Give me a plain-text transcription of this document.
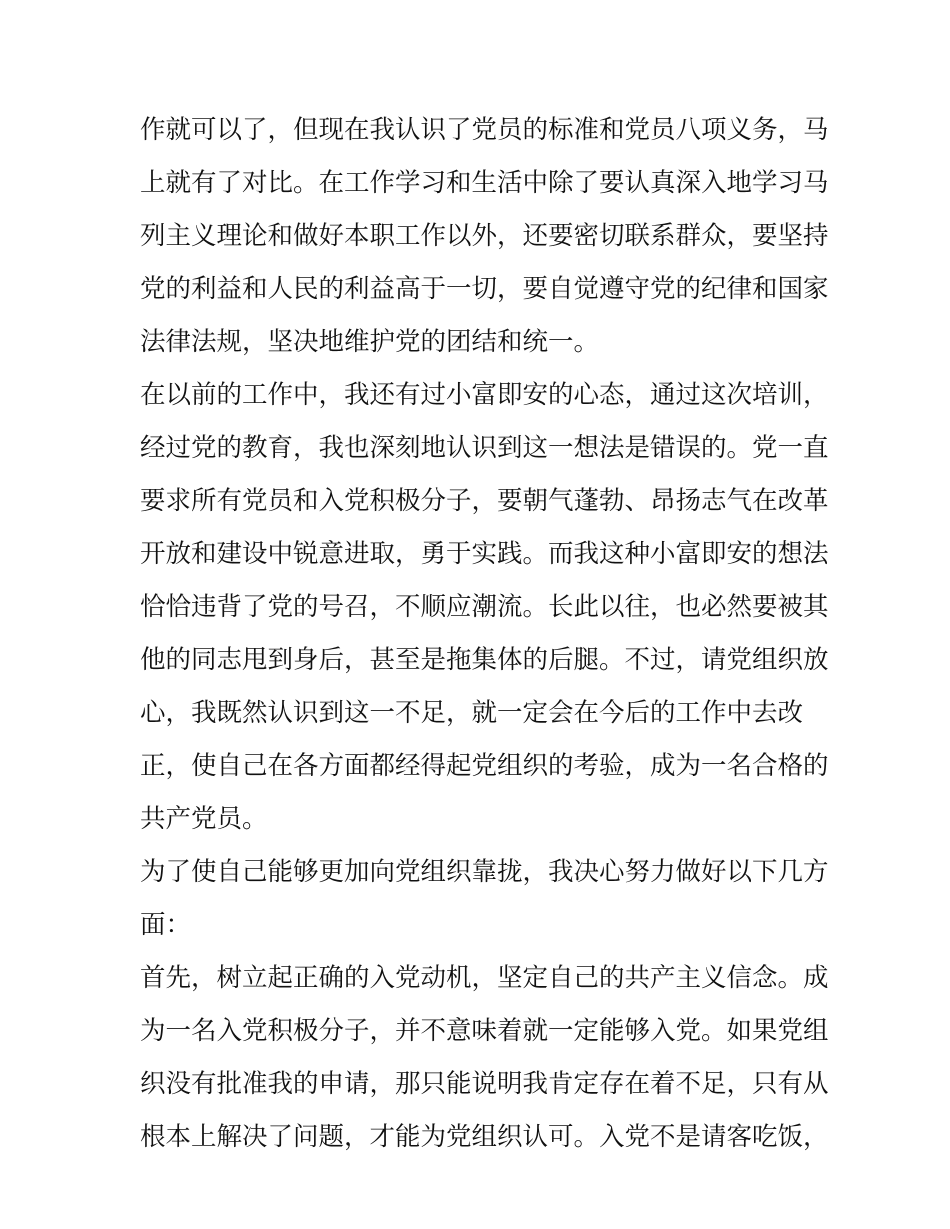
作就可以了，但现在我认识了党员的标准和党员八项义务，马
上就有了对比。在工作学习和生活中除了要认真深入地学习马
列主义理论和做好本职工作以外，还要密切联系群众，要坚持
党的利益和人民的利益高于一切，要自觉遵守党的纪律和国家
法律法规，坚决地维护党的团结和统一。
在以前的工作中，我还有过小富即安的心态，通过这次培训，
经过党的教育，我也深刻地认识到这一想法是错误的。党一直
要求所有党员和入党积极分子，要朝气蓬勃、昂扬志气在改革
开放和建设中锐意进取，勇于实践。而我这种小富即安的想法
恰恰违背了党的号召，不顺应潮流。长此以往，也必然要被其
他的同志甩到身后，甚至是拖集体的后腿。不过，请党组织放
心，我既然认识到这一不足，就一定会在今后的工作中去改
正，使自己在各方面都经得起党组织的考验，成为一名合格的
共产党员。
为了使自己能够更加向党组织靠拢，我决心努力做好以下几方
面：
首先，树立起正确的入党动机，坚定自己的共产主义信念。成
为一名入党积极分子，并不意味着就一定能够入党。如果党组
织没有批准我的申请，那只能说明我肯定存在着不足，只有从
根本上解决了问题，才能为党组织认可。入党不是请客吃饭，
